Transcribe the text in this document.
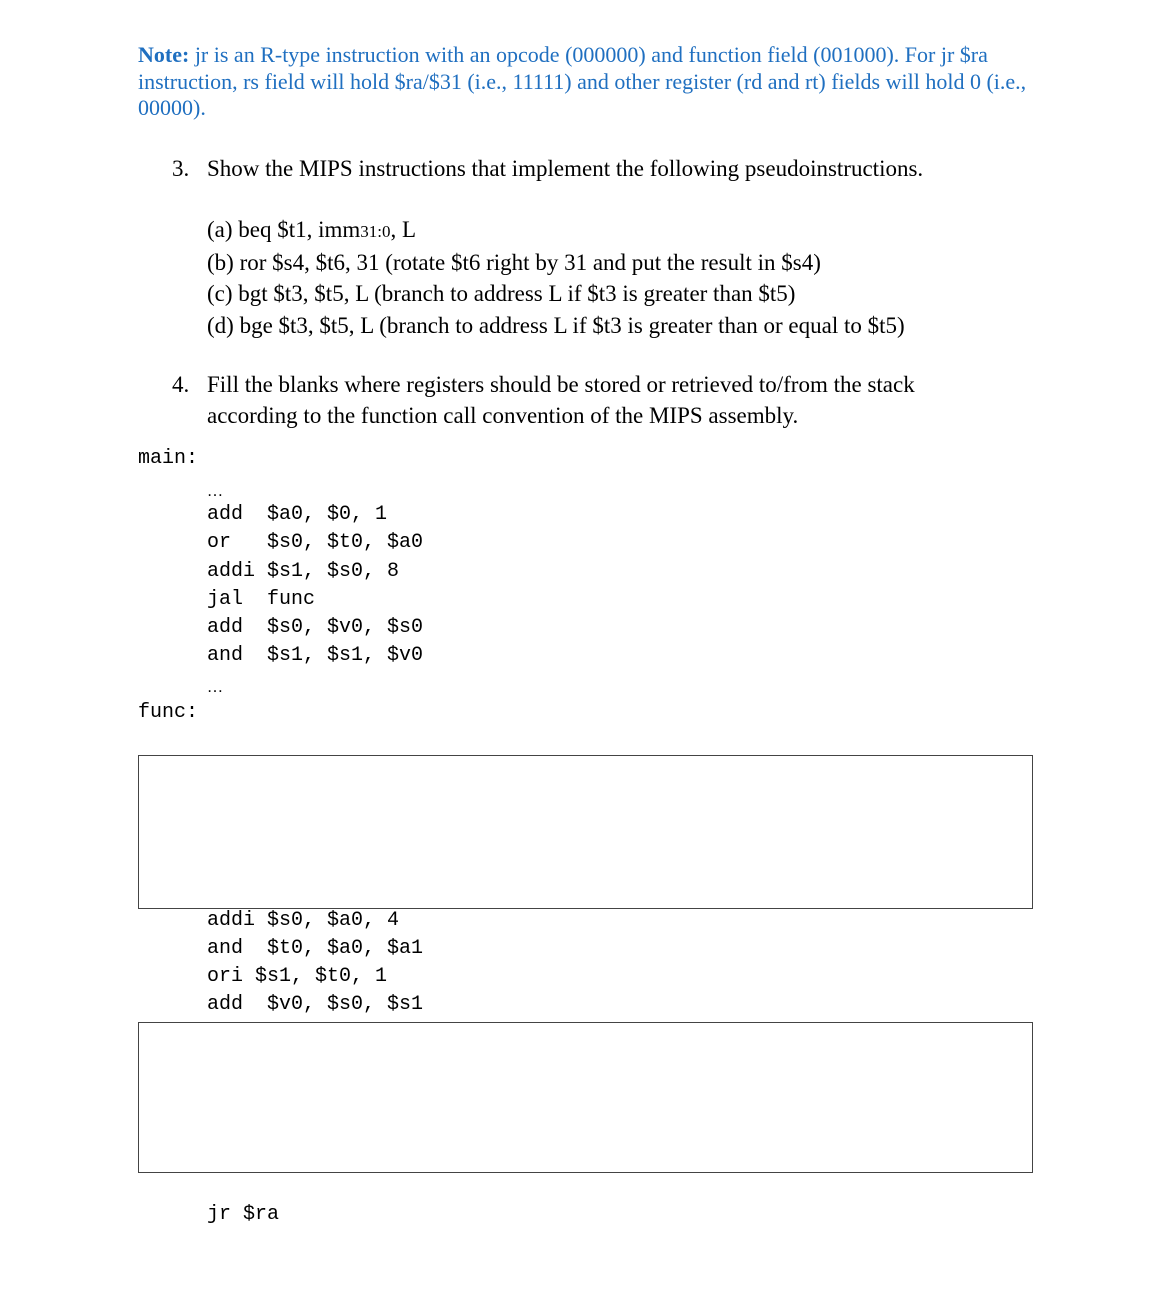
Note: jr is an R-type instruction with an opcode (000000) and function field (001000). For jr $ra instruction, rs field will hold $ra/$31 (i.e., 11111) and other register (rd and rt) fields will hold 0 (i.e., 00000).
3. Show the MIPS instructions that implement the following pseudoinstructions.
(a) beq $t1, imm31:0, L
(b) ror $s4, $t6, 31 (rotate $t6 right by 31 and put the result in $s4)
(c) bgt $t3, $t5, L (branch to address L if $t3 is greater than $t5)
(d) bge $t3, $t5, L (branch to address L if $t3 is greater than or equal to $t5)
4. Fill the blanks where registers should be stored or retrieved to/from the stack according to the function call convention of the MIPS assembly.
main:
…
add  $a0, $0, 1
or   $s0, $t0, $a0
addi $s1, $s0, 8
jal  func
add  $s0, $v0, $s0
and  $s1, $s1, $v0
…
func:
addi $s0, $a0, 4
and  $t0, $a0, $a1
ori $s1, $t0, 1
add  $v0, $s0, $s1
jr $ra
